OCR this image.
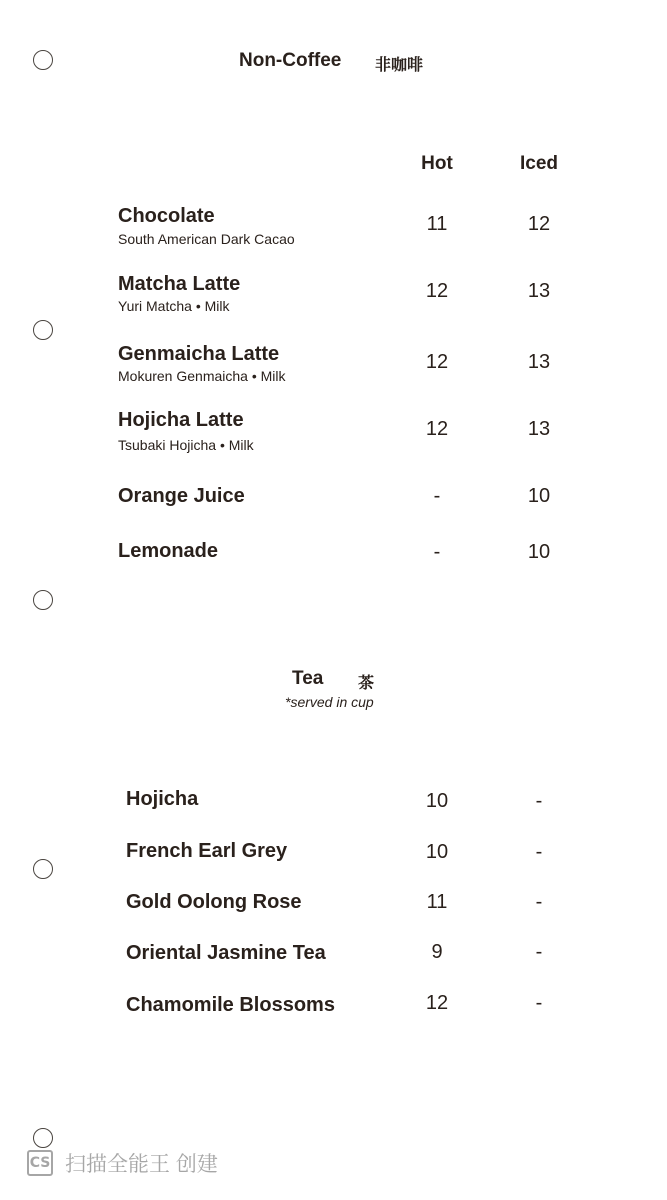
Non-Coffee 非咖啡
Hot	Iced
Chocolate
South American Dark Cacao
11	12
Matcha Latte
Yuri Matcha • Milk
12	13
Genmaicha Latte
Mokuren Genmaicha • Milk
12	13
Hojicha Latte
Tsubaki Hojicha • Milk
12	13
Orange Juice	-	10
Lemonade	-	10
Tea 茶
*served in cup
Hojicha	10	-
French Earl Grey	10	-
Gold Oolong Rose	11	-
Oriental Jasmine Tea	9	-
Chamomile Blossoms	12	-
CS 扫描全能王 创建
